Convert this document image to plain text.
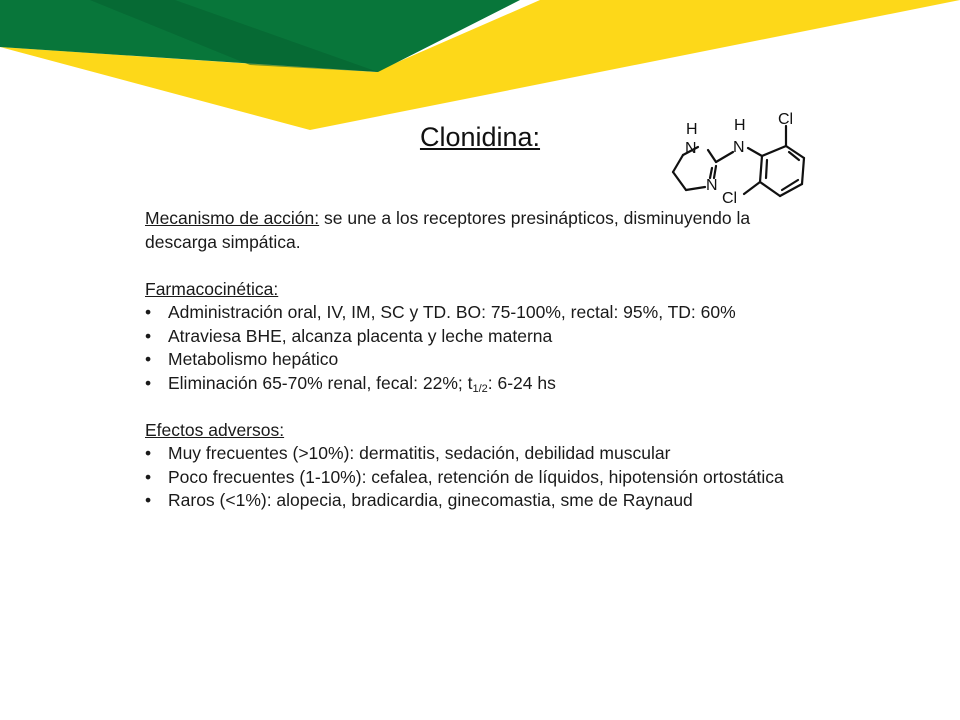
Clonidina:	H
N
H
N
N
Cl
Cl

Mecanismo de acción: se une a los receptores presinápticos, disminuyendo la descarga simpática.

Farmacocinética:

• Administración oral, IV, IM, SC y TD. BO: 75-100%, rectal: 95%, TD: 60%
• Atraviesa BHE, alcanza placenta y leche materna
• Metabolismo hepático
• Eliminación 65-70% renal, fecal: 22%; $t_{1/2}$: 6-24 hs

Efectos adversos:

• Muy frecuentes (>10%): dermatitis, sedación, debilidad muscular
• Poco frecuentes (1-10%): cefalea, retención de líquidos, hipotensión ortostática
• Raros (<1%): alopecia, bradicardia, ginecomastia, sme de Raynaud
